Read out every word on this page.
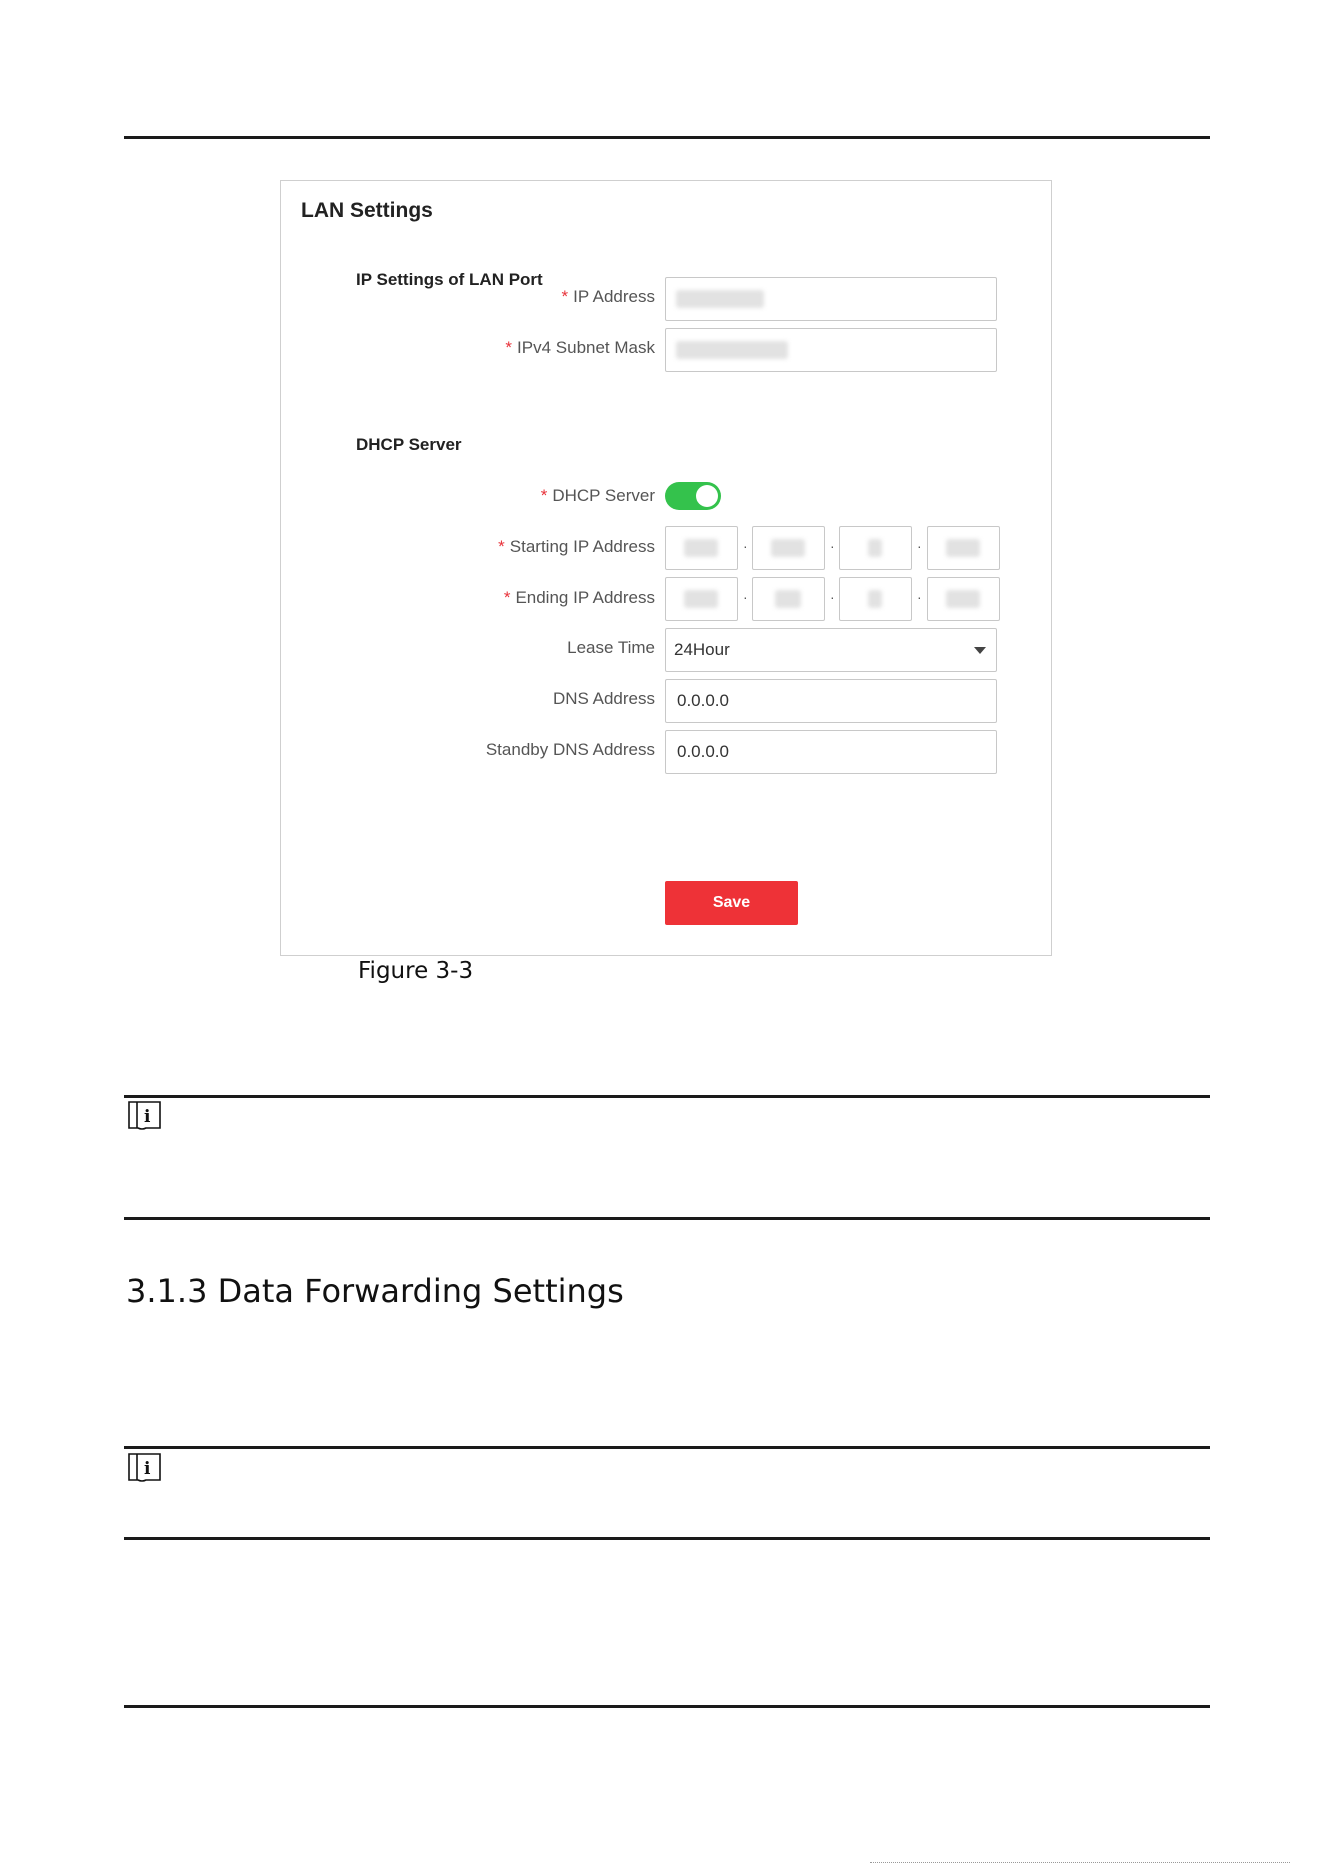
LAN Settings
IP Settings of LAN Port
* IP Address
* IPv4 Subnet Mask
DHCP Server
* DHCP Server
* Starting IP Address	·	·	·
* Ending IP Address	·	·	·
Lease Time	24Hour
DNS Address	0.0.0.0
Standby DNS Address	0.0.0.0
Save
Figure 3-3
i
3.1.3 Data Forwarding Settings
i
